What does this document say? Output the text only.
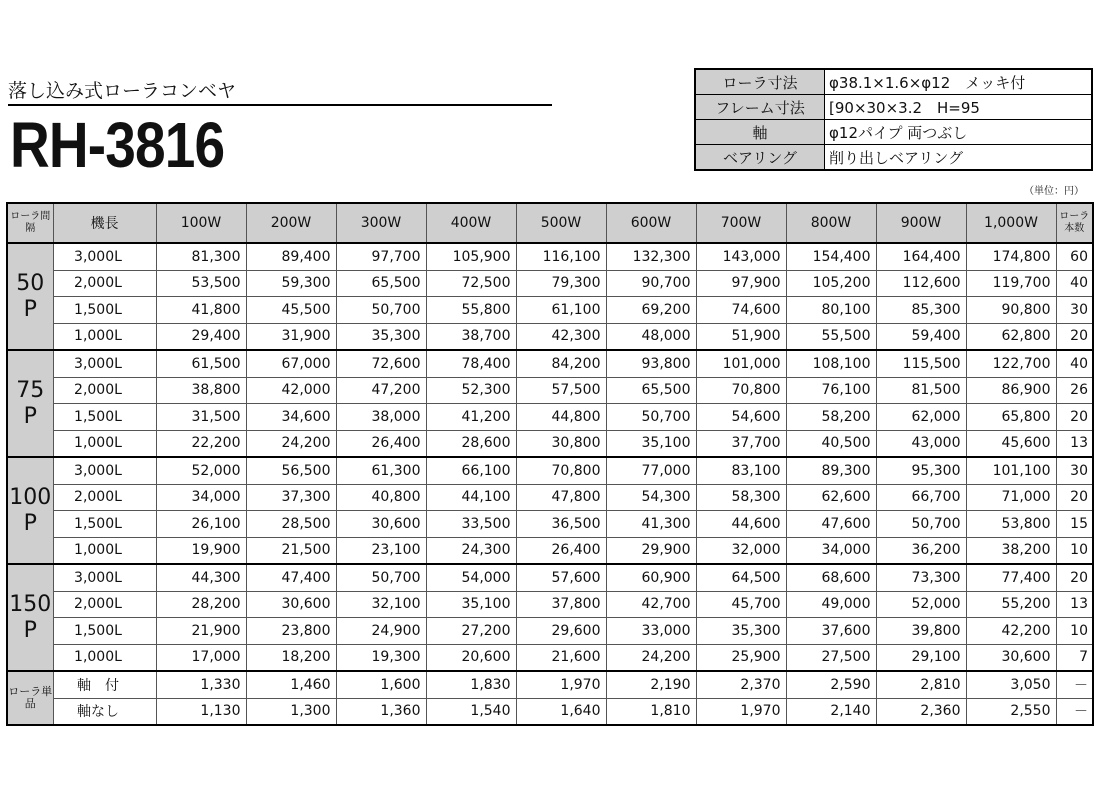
落し込み式ローラコンベヤ
RH-3816
ローラ寸法	φ38.1×1.6×φ12　メッキ付
フレーム寸法	[90×30×3.2　H=95
軸	φ12パイプ 両つぶし
ベアリング	削り出しベアリング
（単位：円）
ローラ間隔	機長	100W	200W	300W	400W	500W	600W	700W	800W	900W	1,000W	ローラ本数
50 P	3,000L	81,300	89,400	97,700	105,900	116,100	132,300	143,000	154,400	164,400	174,800	60
	2,000L	53,500	59,300	65,500	72,500	79,300	90,700	97,900	105,200	112,600	119,700	40
	1,500L	41,800	45,500	50,700	55,800	61,100	69,200	74,600	80,100	85,300	90,800	30
	1,000L	29,400	31,900	35,300	38,700	42,300	48,000	51,900	55,500	59,400	62,800	20
75 P	3,000L	61,500	67,000	72,600	78,400	84,200	93,800	101,000	108,100	115,500	122,700	40
	2,000L	38,800	42,000	47,200	52,300	57,500	65,500	70,800	76,100	81,500	86,900	26
	1,500L	31,500	34,600	38,000	41,200	44,800	50,700	54,600	58,200	62,000	65,800	20
	1,000L	22,200	24,200	26,400	28,600	30,800	35,100	37,700	40,500	43,000	45,600	13
100 P	3,000L	52,000	56,500	61,300	66,100	70,800	77,000	83,100	89,300	95,300	101,100	30
	2,000L	34,000	37,300	40,800	44,100	47,800	54,300	58,300	62,600	66,700	71,000	20
	1,500L	26,100	28,500	30,600	33,500	36,500	41,300	44,600	47,600	50,700	53,800	15
	1,000L	19,900	21,500	23,100	24,300	26,400	29,900	32,000	34,000	36,200	38,200	10
150 P	3,000L	44,300	47,400	50,700	54,000	57,600	60,900	64,500	68,600	73,300	77,400	20
	2,000L	28,200	30,600	32,100	35,100	37,800	42,700	45,700	49,000	52,000	55,200	13
	1,500L	21,900	23,800	24,900	27,200	29,600	33,000	35,300	37,600	39,800	42,200	10
	1,000L	17,000	18,200	19,300	20,600	21,600	24,200	25,900	27,500	29,100	30,600	7
ローラ単品	軸　付	1,330	1,460	1,600	1,830	1,970	2,190	2,370	2,590	2,810	3,050	－
	軸なし	1,130	1,300	1,360	1,540	1,640	1,810	1,970	2,140	2,360	2,550	－
